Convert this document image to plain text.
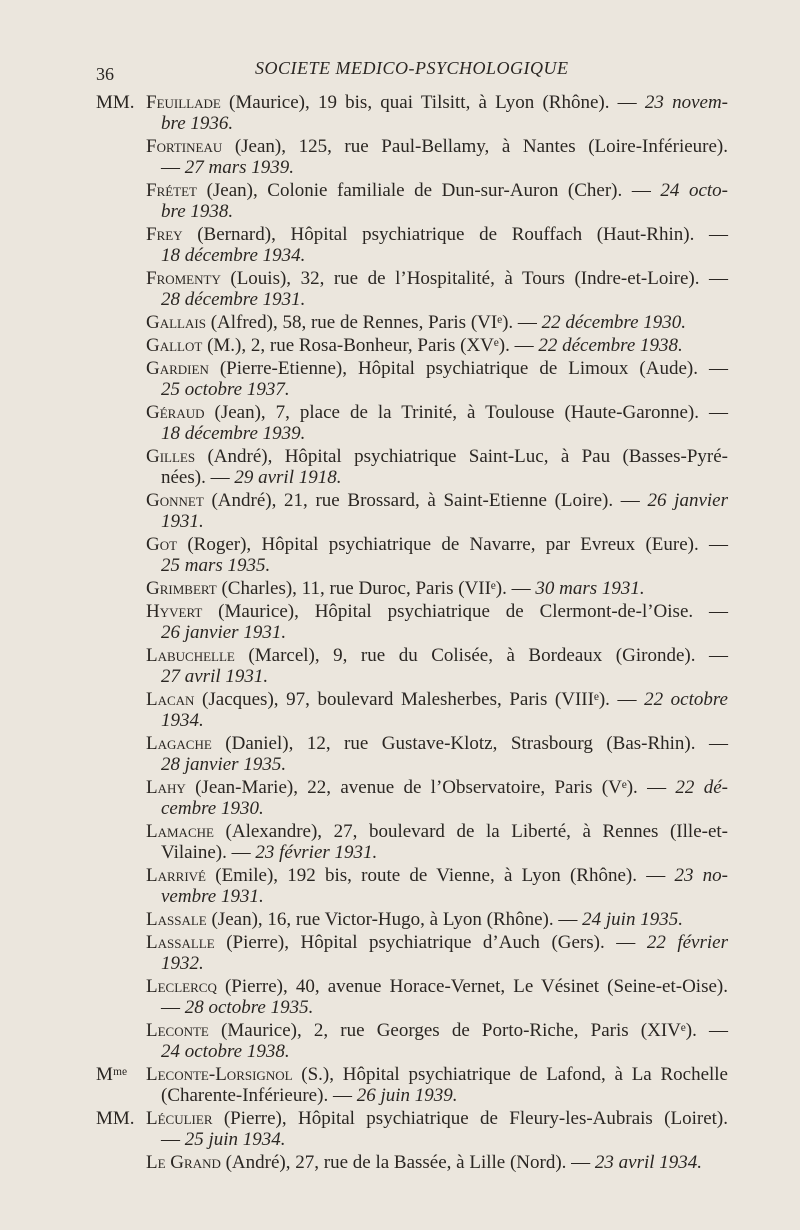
36	SOCIETE MEDICO-PSYCHOLOGIQUE
MM. Feuillade (Maurice), 19 bis, quai Tilsitt, à Lyon (Rhône). — 23 novem-
bre 1936.
Fortineau (Jean), 125, rue Paul-Bellamy, à Nantes (Loire-Inférieure).
— 27 mars 1939.
Frétet (Jean), Colonie familiale de Dun-sur-Auron (Cher). — 24 octo-
bre 1938.
Frey (Bernard), Hôpital psychiatrique de Rouffach (Haut-Rhin). —
18 décembre 1934.
Fromenty (Louis), 32, rue de l’Hospitalité, à Tours (Indre-et-Loire). —
28 décembre 1931.
Gallais (Alfred), 58, rue de Rennes, Paris (VIᵉ). — 22 décembre 1930.
Gallot (M.), 2, rue Rosa-Bonheur, Paris (XVᵉ). — 22 décembre 1938.
Gardien (Pierre-Etienne), Hôpital psychiatrique de Limoux (Aude). —
25 octobre 1937.
Géraud (Jean), 7, place de la Trinité, à Toulouse (Haute-Garonne). —
18 décembre 1939.
Gilles (André), Hôpital psychiatrique Saint-Luc, à Pau (Basses-Pyré-
nées). — 29 avril 1918.
Gonnet (André), 21, rue Brossard, à Saint-Etienne (Loire). — 26 janvier
1931.
Got (Roger), Hôpital psychiatrique de Navarre, par Evreux (Eure). —
25 mars 1935.
Grimbert (Charles), 11, rue Duroc, Paris (VIIᵉ). — 30 mars 1931.
Hyvert (Maurice), Hôpital psychiatrique de Clermont-de-l’Oise. —
26 janvier 1931.
Labuchelle (Marcel), 9, rue du Colisée, à Bordeaux (Gironde). —
27 avril 1931.
Lacan (Jacques), 97, boulevard Malesherbes, Paris (VIIIᵉ). — 22 octobre
1934.
Lagache (Daniel), 12, rue Gustave-Klotz, Strasbourg (Bas-Rhin). —
28 janvier 1935.
Lahy (Jean-Marie), 22, avenue de l’Observatoire, Paris (Vᵉ). — 22 dé-
cembre 1930.
Lamache (Alexandre), 27, boulevard de la Liberté, à Rennes (Ille-et-
Vilaine). — 23 février 1931.
Larrivé (Emile), 192 bis, route de Vienne, à Lyon (Rhône). — 23 no-
vembre 1931.
Lassale (Jean), 16, rue Victor-Hugo, à Lyon (Rhône). — 24 juin 1935.
Lassalle (Pierre), Hôpital psychiatrique d’Auch (Gers). — 22 février
1932.
Leclercq (Pierre), 40, avenue Horace-Vernet, Le Vésinet (Seine-et-Oise).
— 28 octobre 1935.
Leconte (Maurice), 2, rue Georges de Porto-Riche, Paris (XIVᵉ). —
24 octobre 1938.
Mᵐᵉ Leconte-Lorsignol (S.), Hôpital psychiatrique de Lafond, à La Rochelle
(Charente-Inférieure). — 26 juin 1939.
MM. Léculier (Pierre), Hôpital psychiatrique de Fleury-les-Aubrais (Loiret).
— 25 juin 1934.
Le Grand (André), 27, rue de la Bassée, à Lille (Nord). — 23 avril 1934.
